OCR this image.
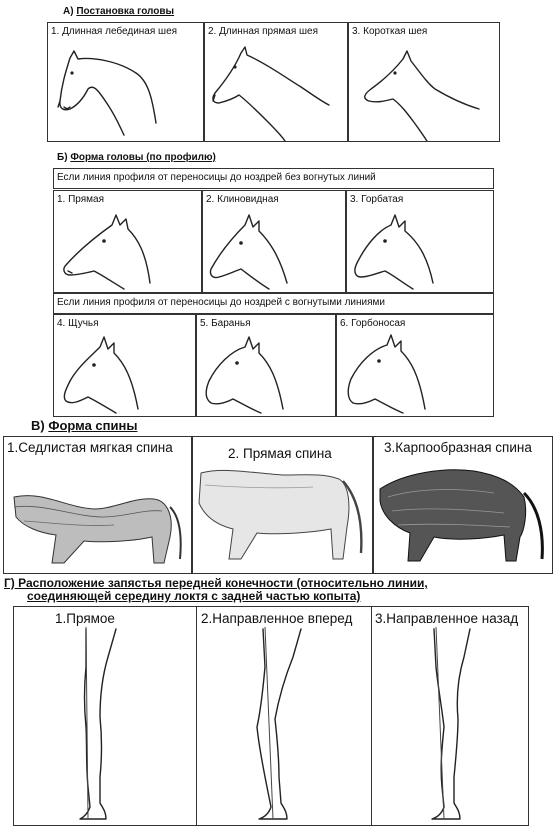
А) Постановка головы
1. Длинная лебединая шея	2. Длинная прямая шея	3. Короткая шея
Б) Форма головы (по профилю)
Если линия профиля от переносицы до ноздрей без вогнутых линий
1. Прямая	2. Клиновидная	3. Горбатая
Если линия профиля от переносицы до ноздрей с вогнутыми линиями
4. Щучья	5. Баранья	6. Горбоносая
В) Форма спины
1.Седлистая мягкая спина	2. Прямая спина	3.Карпообразная спина
Г) Расположение запястья передней конечности (относительно линии,
соединяющей середину локтя с задней частью копыта)
1.Прямое	2.Направленное вперед 3.Направленное назад
